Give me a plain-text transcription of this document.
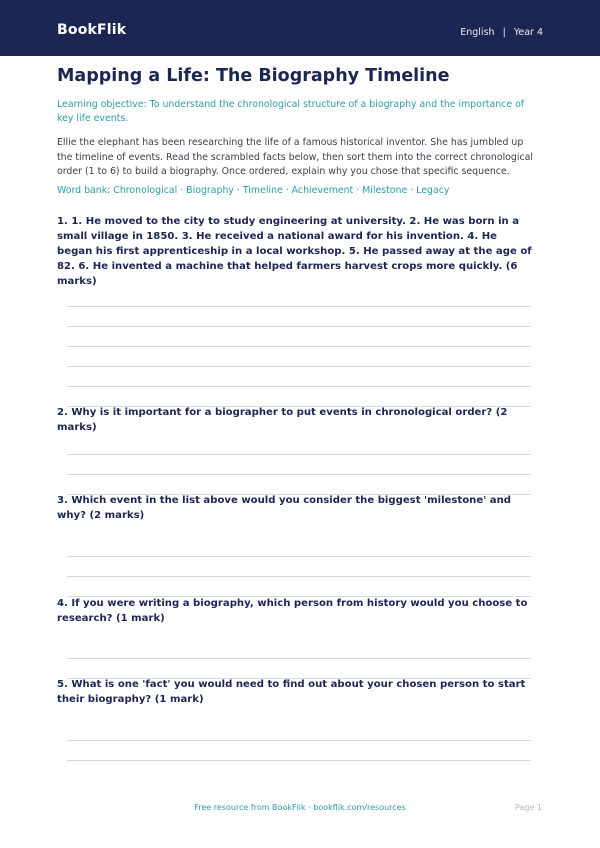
BookFlik	English | Year 4
Mapping a Life: The Biography Timeline
Learning objective: To understand the chronological structure of a biography and the importance of key life events.
Ellie the elephant has been researching the life of a famous historical inventor. She has jumbled up the timeline of events. Read the scrambled facts below, then sort them into the correct chronological order (1 to 6) to build a biography. Once ordered, explain why you chose that specific sequence.
Word bank: Chronological · Biography · Timeline · Achievement · Milestone · Legacy
1. 1. He moved to the city to study engineering at university. 2. He was born in a small village in 1850. 3. He received a national award for his invention. 4. He began his first apprenticeship in a local workshop. 5. He passed away at the age of 82. 6. He invented a machine that helped farmers harvest crops more quickly. (6 marks)
2. Why is it important for a biographer to put events in chronological order? (2 marks)
3. Which event in the list above would you consider the biggest 'milestone' and why? (2 marks)
4. If you were writing a biography, which person from history would you choose to research? (1 mark)
5. What is one 'fact' you would need to find out about your chosen person to start their biography? (1 mark)
Free resource from BookFlik · bookflik.com/resources	Page 1
